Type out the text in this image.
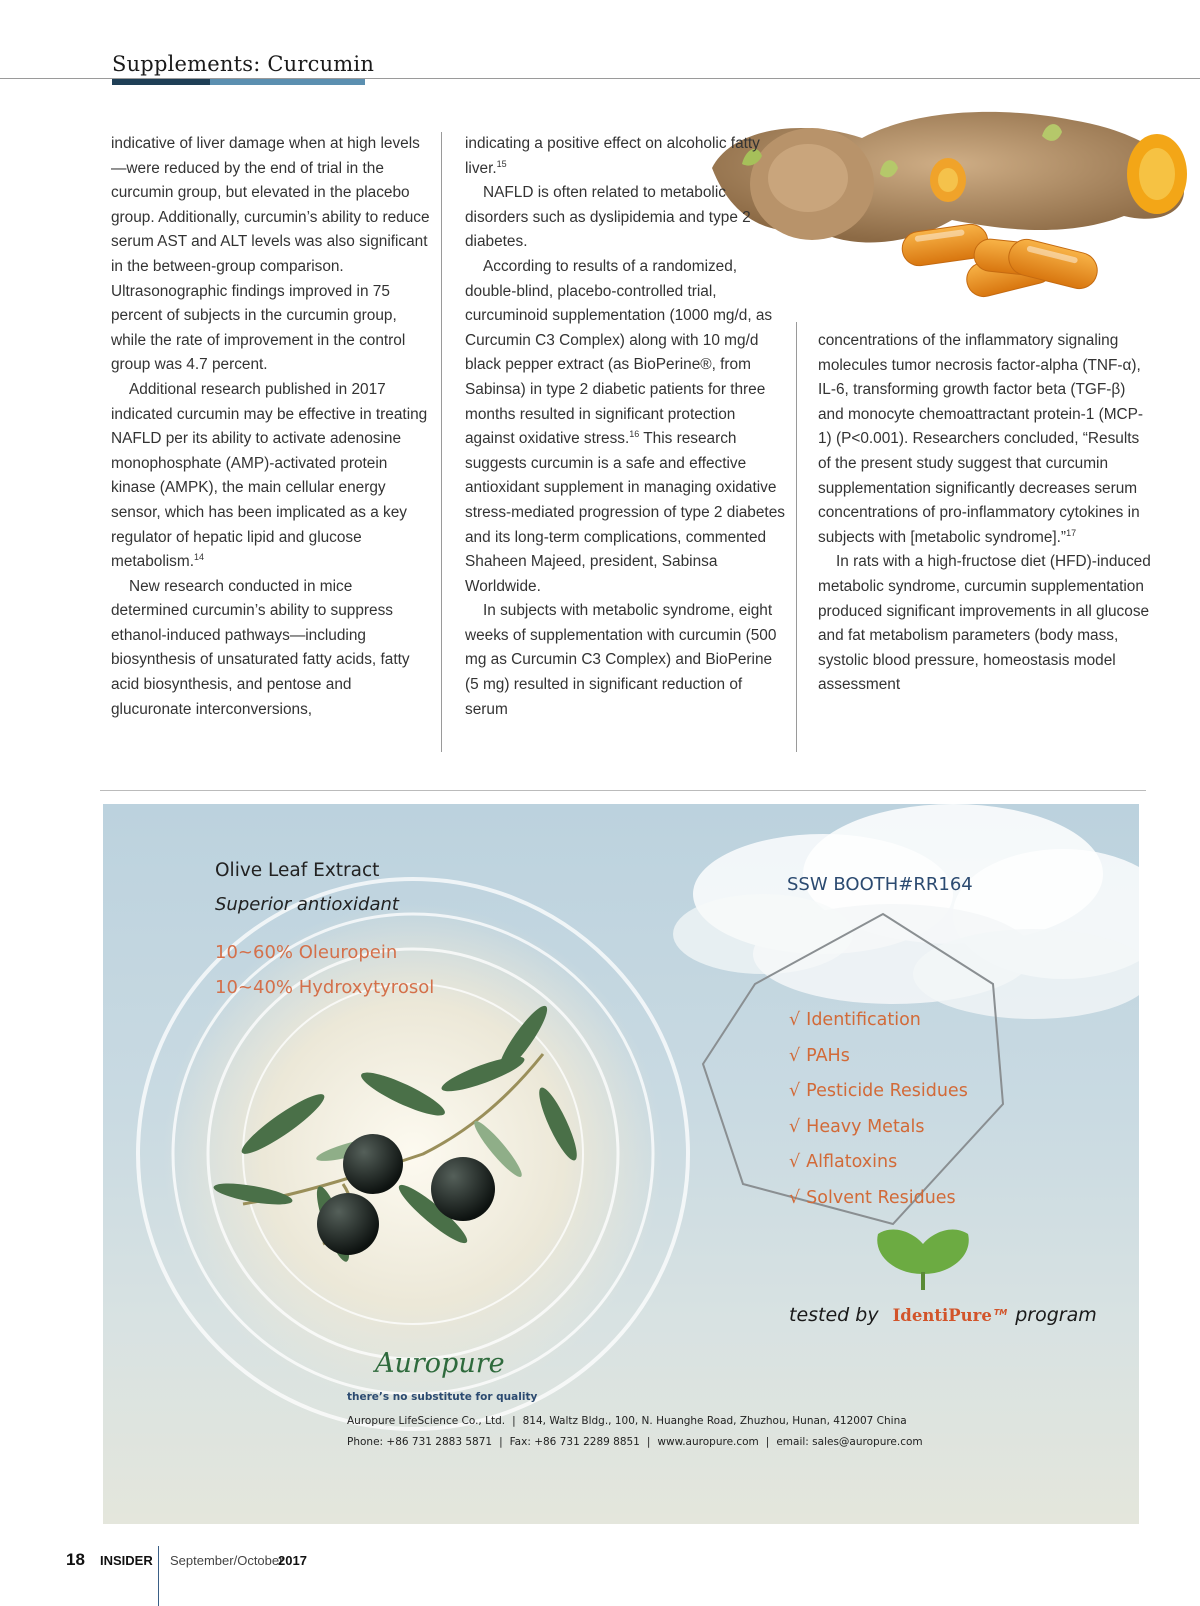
Supplements: Curcumin

indicative of liver damage when at high levels—were reduced by the end of trial in the curcumin group, but elevated in the placebo group. Additionally, curcumin’s ability to reduce serum AST and ALT levels was also significant in the between-group comparison. Ultrasonographic findings improved in 75 percent of subjects in the curcumin group, while the rate of improvement in the control group was 4.7 percent.

Additional research published in 2017 indicated curcumin may be effective in treating NAFLD per its ability to activate adenosine monophosphate (AMP)-activated protein kinase (AMPK), the main cellular energy sensor, which has been implicated as a key regulator of hepatic lipid and glucose metabolism.$^{14}$

New research conducted in mice determined curcumin’s ability to suppress ethanol-induced pathways—including biosynthesis of unsaturated fatty acids, fatty acid biosynthesis, and pentose and glucuronate interconversions,

indicating a positive effect on alcoholic fatty liver.$^{15}$

NAFLD is often related to metabolic disorders such as dyslipidemia and type 2 diabetes.

According to results of a randomized, double-blind, placebo-controlled trial, curcuminoid supplementation (1000 mg/d, as Curcumin C3 Complex) along with 10 mg/d black pepper extract (as BioPerine®, from Sabinsa) in type 2 diabetic patients for three months resulted in significant protection against oxidative stress.$^{16}$ This research suggests curcumin is a safe and effective antioxidant supplement in managing oxidative stress-mediated progression of type 2 diabetes and its long-term complications, commented Shaheen Majeed, president, Sabinsa Worldwide.

In subjects with metabolic syndrome, eight weeks of supplementation with curcumin (500 mg as Curcumin C3 Complex) and BioPerine (5 mg) resulted in significant reduction of serum

concentrations of the inflammatory signaling molecules tumor necrosis factor-alpha (TNF-α), IL-6, transforming growth factor beta (TGF-β) and monocyte chemoattractant protein-1 (MCP-1) (P<0.001). Researchers concluded, “Results of the present study suggest that curcumin supplementation significantly decreases serum concentrations of pro-inflammatory cytokines in subjects with [metabolic syndrome].”$^{17}$

In rats with a high-fructose diet (HFD)-induced metabolic syndrome, curcumin supplementation produced significant improvements in all glucose and fat metabolism parameters (body mass, systolic blood pressure, homeostasis model assessment

Olive Leaf Extract
Superior antioxidant
10~60% Oleuropein
10~40% Hydroxytyrosol
SSW BOOTH#RR164
√ Identification
√ PAHs
√ Pesticide Residues
√ Heavy Metals
√ Alflatoxins
√ Solvent Residues
tested by IdentiPure ™ program
Auropure
there’s no substitute for quality
Auropure LifeScience Co., Ltd. | 814, Waltz Bldg., 100, N. Huanghe Road, Zhuzhou, Hunan, 412007 China
Phone: +86 731 2883 5871 | Fax: +86 731 2289 8851 | www.auropure.com | email: sales@auropure.com
18 INSIDER September/October
2017
